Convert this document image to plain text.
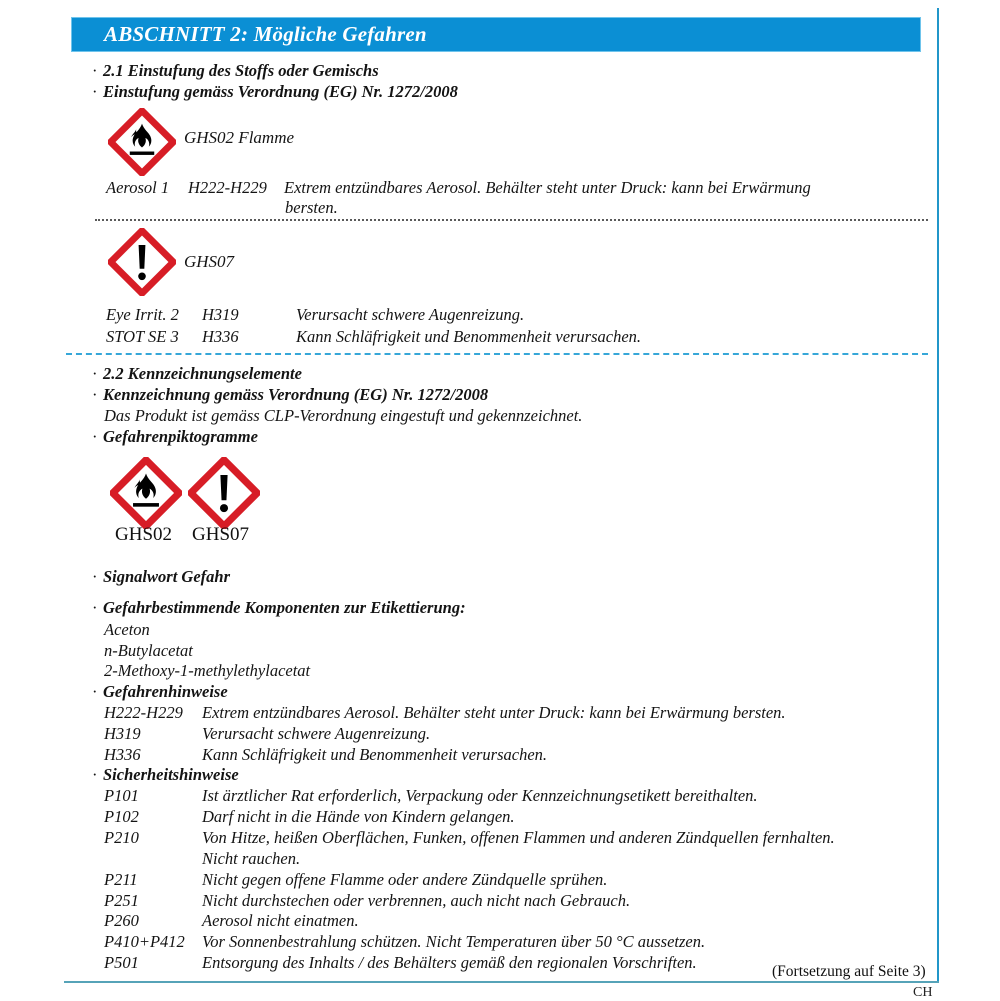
ABSCHNITT 2: Mögliche Gefahren
· 2.1 Einstufung des Stoffs oder Gemischs
· Einstufung gemäss Verordnung (EG) Nr. 1272/2008
GHS02 Flamme
Aerosol 1 H222-H229 Extrem entzündbares Aerosol. Behälter steht unter Druck: kann bei Erwärmung
bersten.
GHS07
Eye Irrit. 2 H319	Verursacht schwere Augenreizung.
STOT SE 3 H336	Kann Schläfrigkeit und Benommenheit verursachen.
· 2.2 Kennzeichnungselemente
· Kennzeichnung gemäss Verordnung (EG) Nr. 1272/2008
Das Produkt ist gemäss CLP-Verordnung eingestuft und gekennzeichnet.
· Gefahrenpiktogramme
GHS02 GHS07
· Signalwort Gefahr
· Gefahrbestimmende Komponenten zur Etikettierung:
Aceton
n-Butylacetat
2-Methoxy-1-methylethylacetat
· Gefahrenhinweise
H222-H229 Extrem entzündbares Aerosol. Behälter steht unter Druck: kann bei Erwärmung bersten.
H319	Verursacht schwere Augenreizung.
H336	Kann Schläfrigkeit und Benommenheit verursachen.
· Sicherheitshinweise
P101	Ist ärztlicher Rat erforderlich, Verpackung oder Kennzeichnungsetikett bereithalten.
P102	Darf nicht in die Hände von Kindern gelangen.
P210	Von Hitze, heißen Oberflächen, Funken, offenen Flammen und anderen Zündquellen fernhalten.
Nicht rauchen.
P211	Nicht gegen offene Flamme oder andere Zündquelle sprühen.
P251	Nicht durchstechen oder verbrennen, auch nicht nach Gebrauch.
P260	Aerosol nicht einatmen.
P410+P412 Vor Sonnenbestrahlung schützen. Nicht Temperaturen über 50 °C aussetzen.
P501	Entsorgung des Inhalts / des Behälters gemäß den regionalen Vorschriften.	(Fortsetzung auf Seite 3)
CH
